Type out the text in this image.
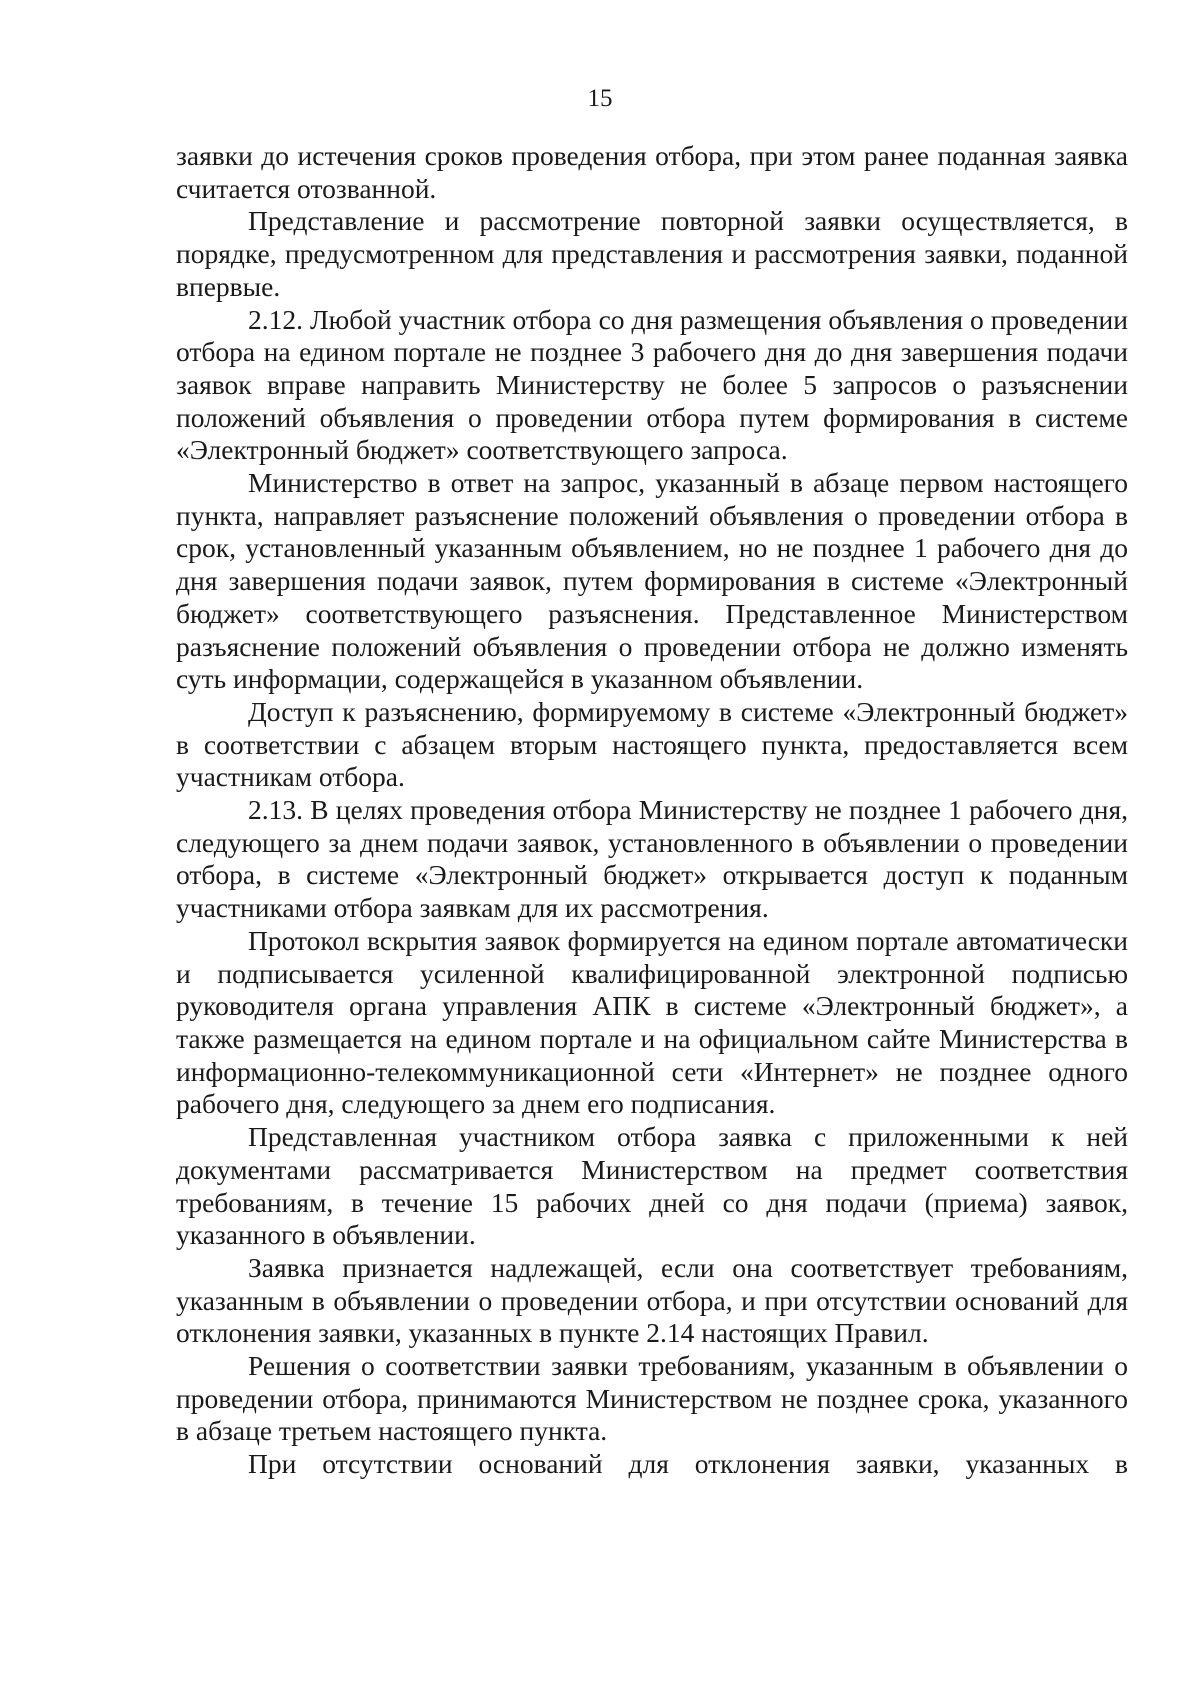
15

заявки до истечения сроков проведения отбора, при этом ранее поданная заявка считается отозванной.

Представление и рассмотрение повторной заявки осуществляется, в порядке, предусмотренном для представления и рассмотрения заявки, поданной впервые.

2.12. Любой участник отбора со дня размещения объявления о проведении отбора на едином портале не позднее 3 рабочего дня до дня завершения подачи заявок вправе направить Министерству не более 5 запросов о разъяснении положений объявления о проведении отбора путем формирования в системе «Электронный бюджет» соответствующего запроса.

Министерство в ответ на запрос, указанный в абзаце первом настоящего пункта, направляет разъяснение положений объявления о проведении отбора в срок, установленный указанным объявлением, но не позднее 1 рабочего дня до дня завершения подачи заявок, путем формирования в системе «Электронный бюджет» соответствующего разъяснения. Представленное Министерством разъяснение положений объявления о проведении отбора не должно изменять суть информации, содержащейся в указанном объявлении.

Доступ к разъяснению, формируемому в системе «Электронный бюджет» в соответствии с абзацем вторым настоящего пункта, предоставляется всем участникам отбора.

2.13. В целях проведения отбора Министерству не позднее 1 рабочего дня, следующего за днем подачи заявок, установленного в объявлении о проведении отбора, в системе «Электронный бюджет» открывается доступ к поданным участниками отбора заявкам для их рассмотрения.

Протокол вскрытия заявок формируется на едином портале автоматически и подписывается усиленной квалифицированной электронной подписью руководителя органа управления АПК в системе «Электронный бюджет», а также размещается на едином портале и на официальном сайте Министерства в информационно-телекоммуникационной сети «Интернет» не позднее одного рабочего дня, следующего за днем его подписания.

Представленная участником отбора заявка с приложенными к ней документами рассматривается Министерством на предмет соответствия требованиям, в течение 15 рабочих дней со дня подачи (приема) заявок, указанного в объявлении.

Заявка признается надлежащей, если она соответствует требованиям, указанным в объявлении о проведении отбора, и при отсутствии оснований для отклонения заявки, указанных в пункте 2.14 настоящих Правил.

Решения о соответствии заявки требованиям, указанным в объявлении о проведении отбора, принимаются Министерством не позднее срока, указанного в абзаце третьем настоящего пункта.

При отсутствии оснований для отклонения заявки, указанных в
